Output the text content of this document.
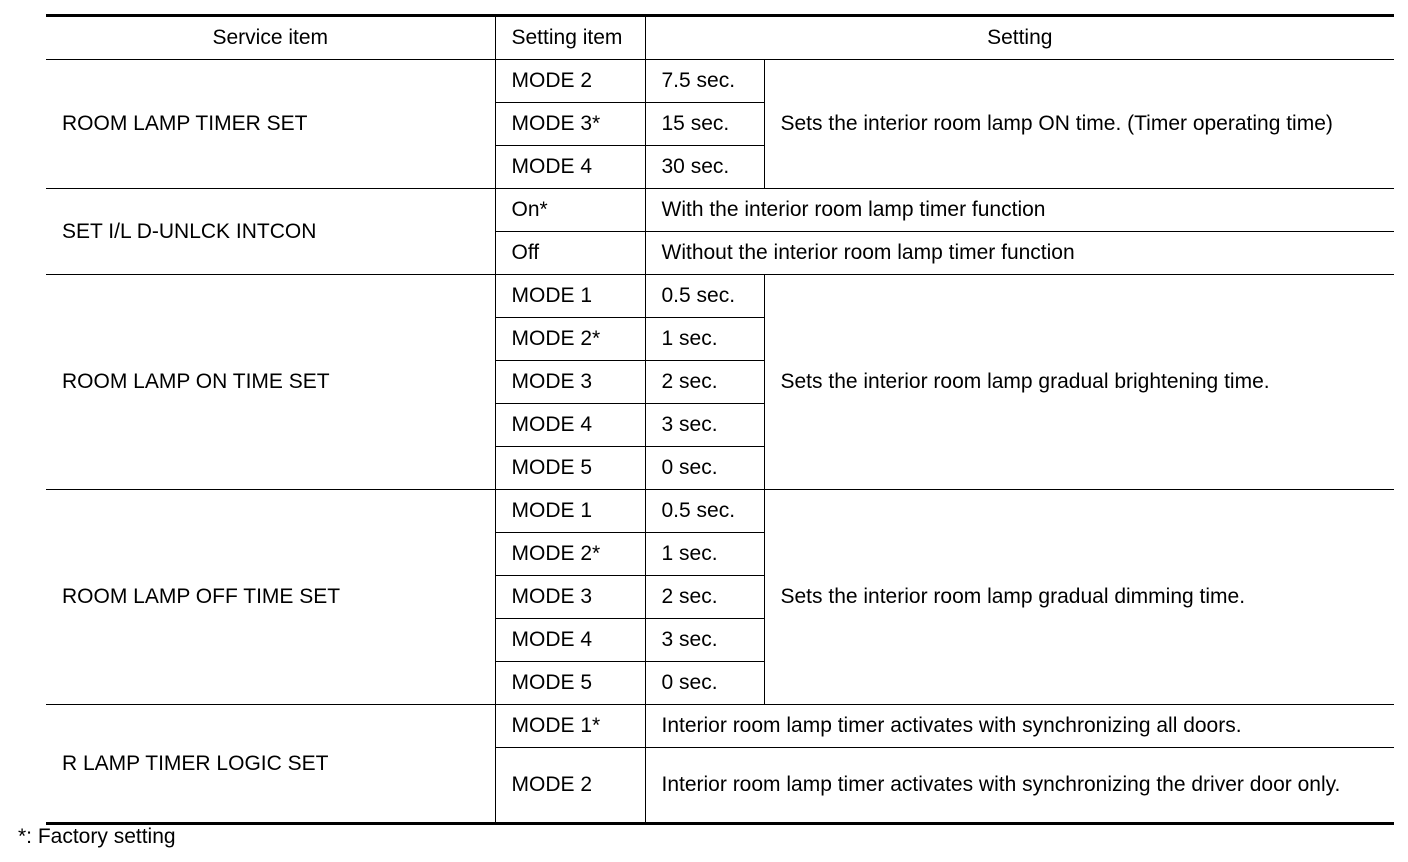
Service item	Setting item	Setting	
ROOM LAMP TIMER SET	MODE 2	7.5 sec.	Sets the interior room lamp ON time. (Timer operating time)
	MODE 3*	15 sec.	
	MODE 4	30 sec.	
SET I/L D-UNLCK INTCON	On*	With the interior room lamp timer function	
	Off	Without the interior room lamp timer function	
ROOM LAMP ON TIME SET	MODE 1	0.5 sec.	Sets the interior room lamp gradual brightening time.
	MODE 2*	1 sec.	
	MODE 3	2 sec.	
	MODE 4	3 sec.	
	MODE 5	0 sec.	
ROOM LAMP OFF TIME SET	MODE 1	0.5 sec.	Sets the interior room lamp gradual dimming time.
	MODE 2*	1 sec.	
	MODE 3	2 sec.	
	MODE 4	3 sec.	
	MODE 5	0 sec.	
R LAMP TIMER LOGIC SET	MODE 1*	Interior room lamp timer activates with synchronizing all doors.	
	MODE 2	Interior room lamp timer activates with synchronizing the driver door only.	
*: Factory setting
